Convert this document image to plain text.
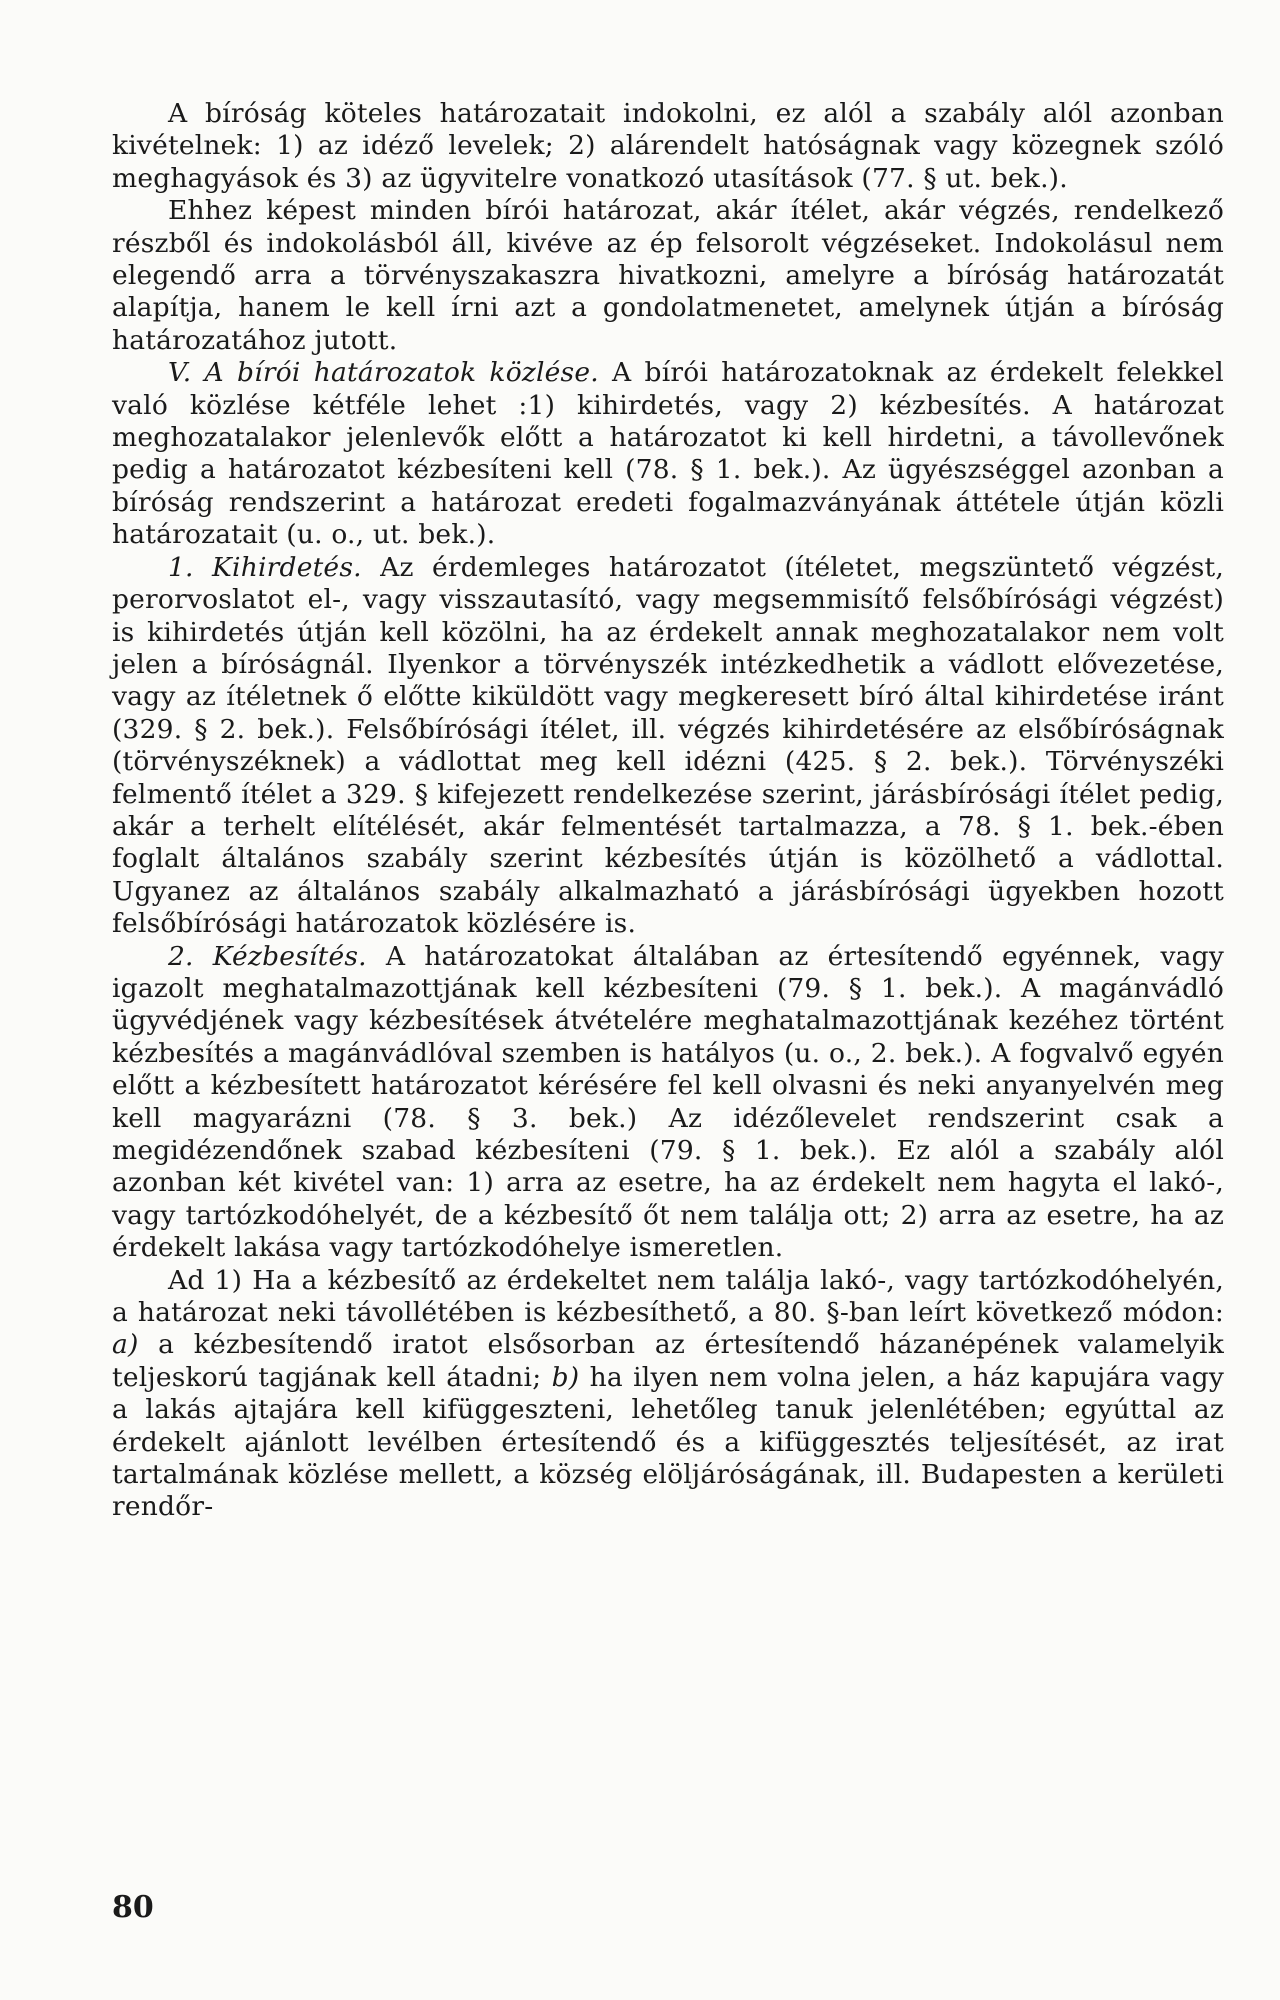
A bíróság köteles határozatait indokolni, ez alól a szabály alól azonban kivételnek: 1) az idéző levelek; 2) alárendelt hatóságnak vagy közegnek szóló meghagyások és 3) az ügyvitelre vonatkozó utasítások (77. § ut. bek.).

Ehhez képest minden bírói határozat, akár ítélet, akár végzés, rendelkező részből és indokolásból áll, kivéve az ép felsorolt végzéseket. Indokolásul nem elegendő arra a törvényszakaszra hivatkozni, amelyre a bíróság határozatát alapítja, hanem le kell írni azt a gondolatmenetet, amelynek útján a bíróság határozatához jutott.

V. A bírói határozatok közlése. A bírói határozatoknak az érdekelt felekkel való közlése kétféle lehet :1) kihirdetés, vagy 2) kézbesítés. A határozat meghozatalakor jelenlevők előtt a határozatot ki kell hirdetni, a távollevőnek pedig a határozatot kézbesíteni kell (78. § 1. bek.). Az ügyészséggel azonban a bíróság rendszerint a határozat eredeti fogalmazványának áttétele útján közli határozatait (u. o., ut. bek.).

1. Kihirdetés. Az érdemleges határozatot (ítéletet, megszüntető végzést, perorvoslatot el-, vagy visszautasító, vagy megsemmisítő felsőbírósági végzést) is kihirdetés útján kell közölni, ha az érdekelt annak meghozatalakor nem volt jelen a bíróságnál. Ilyenkor a törvényszék intézkedhetik a vádlott elővezetése, vagy az ítéletnek ő előtte kiküldött vagy megkeresett bíró által kihirdetése iránt (329. § 2. bek.). Felsőbírósági ítélet, ill. végzés kihirdetésére az elsőbíróságnak (törvényszéknek) a vádlottat meg kell idézni (425. § 2. bek.). Törvényszéki felmentő ítélet a 329. § kifejezett rendelkezése szerint, járásbírósági ítélet pedig, akár a terhelt elítélését, akár felmentését tartalmazza, a 78. § 1. bek.-ében foglalt általános szabály szerint kézbesítés útján is közölhető a vádlottal. Ugyanez az általános szabály alkalmazható a járásbírósági ügyekben hozott felsőbírósági határozatok közlésére is.

2. Kézbesítés. A határozatokat általában az értesítendő egyénnek, vagy igazolt meghatalmazottjának kell kézbesíteni (79. § 1. bek.). A magánvádló ügyvédjének vagy kézbesítések átvételére meghatalmazottjának kezéhez történt kézbesítés a magánvádlóval szemben is hatályos (u. o., 2. bek.). A fogvalvő egyén előtt a kézbesített határozatot kérésére fel kell olvasni és neki anyanyelvén meg kell magyarázni (78. § 3. bek.) Az idézőlevelet rendszerint csak a megidézendőnek szabad kézbesíteni (79. § 1. bek.). Ez alól a szabály alól azonban két kivétel van: 1) arra az esetre, ha az érdekelt nem hagyta el lakó-, vagy tartózkodóhelyét, de a kézbesítő őt nem találja ott; 2) arra az esetre, ha az érdekelt lakása vagy tartózkodóhelye ismeretlen.

Ad 1) Ha a kézbesítő az érdekeltet nem találja lakó-, vagy tartózkodóhelyén, a határozat neki távollétében is kézbesíthető, a 80. §-ban leírt következő módon: a) a kézbesítendő iratot elsősorban az értesítendő házanépének valamelyik teljeskorú tagjának kell átadni; b) ha ilyen nem volna jelen, a ház kapujára vagy a lakás ajtajára kell kifüggeszteni, lehetőleg tanuk jelenlétében; egyúttal az érdekelt ajánlott levélben értesítendő és a kifüggesztés teljesítését, az irat tartalmának közlése mellett, a község elöljáróságának, ill. Budapesten a kerületi rendőr-

80
